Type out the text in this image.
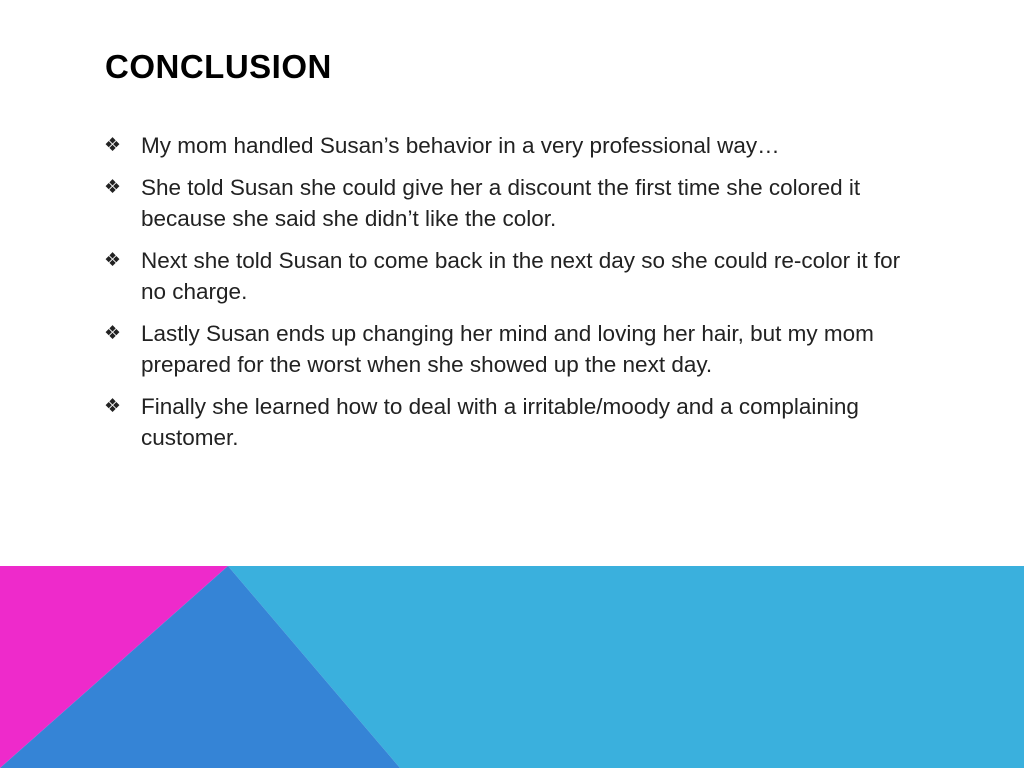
CONCLUSION
❖ My mom handled Susan’s behavior in a very professional way…
❖ She told Susan she could give her a discount the first time she colored it because she said she didn’t like the color.
❖ Next she told Susan to come back in the next day so she could re-color it for no charge.
❖ Lastly Susan ends up changing her mind and loving her hair, but my mom prepared for the worst when she showed up the next day.
❖ Finally she learned how to deal with a irritable/moody and a complaining customer.
